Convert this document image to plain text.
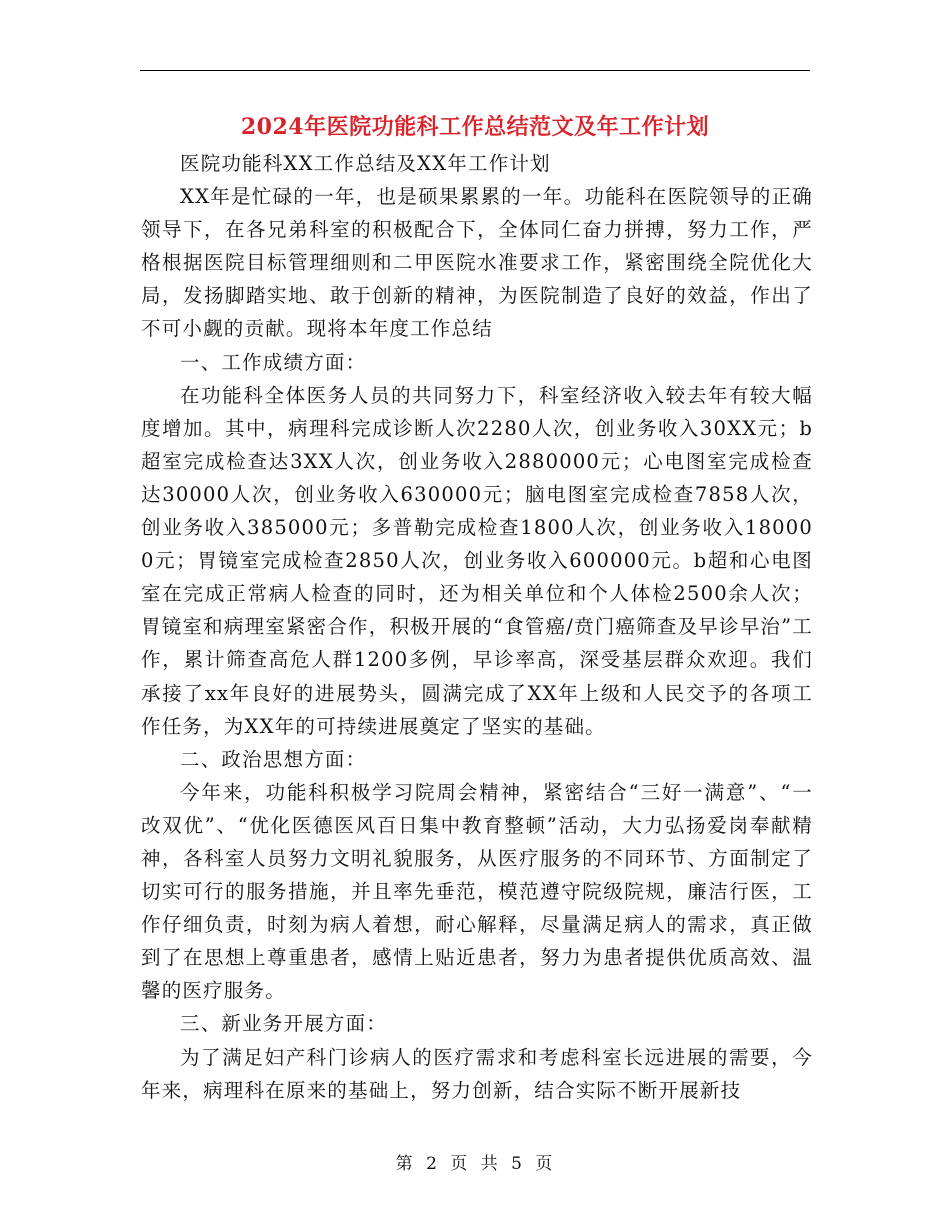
2024年医院功能科工作总结范文及年工作计划

医院功能科XX工作总结及XX年工作计划

XX年是忙碌的一年，也是硕果累累的一年。功能科在医院领导的正确领导下，在各兄弟科室的积极配合下，全体同仁奋力拼搏，努力工作，严格根据医院目标管理细则和二甲医院水准要求工作，紧密围绕全院优化大局，发扬脚踏实地、敢于创新的精神，为医院制造了良好的效益，作出了不可小觑的贡献。现将本年度工作总结

一、工作成绩方面：

在功能科全体医务人员的共同努力下，科室经济收入较去年有较大幅度增加。其中，病理科完成诊断人次2280人次，创业务收入30XX元；b超室完成检查达3XX人次，创业务收入2880000元；心电图室完成检查达30000人次，创业务收入630000元；脑电图室完成检查7858人次，创业务收入385000元；多普勒完成检查1800人次，创业务收入180000元；胃镜室完成检查2850人次，创业务收入600000元。b超和心电图室在完成正常病人检查的同时，还为相关单位和个人体检2500余人次；胃镜室和病理室紧密合作，积极开展的“食管癌/贲门癌筛查及早诊早治”工作，累计筛查高危人群1200多例，早诊率高，深受基层群众欢迎。我们承接了xx年良好的进展势头，圆满完成了XX年上级和人民交予的各项工作任务，为XX年的可持续进展奠定了坚实的基础。

二、政治思想方面：

今年来，功能科积极学习院周会精神，紧密结合“三好一满意”、“一改双优”、“优化医德医风百日集中教育整顿”活动，大力弘扬爱岗奉献精神，各科室人员努力文明礼貌服务，从医疗服务的不同环节、方面制定了切实可行的服务措施，并且率先垂范，模范遵守院级院规，廉洁行医，工作仔细负责，时刻为病人着想，耐心解释，尽量满足病人的需求，真正做到了在思想上尊重患者，感情上贴近患者，努力为患者提供优质高效、温馨的医疗服务。

三、新业务开展方面：

为了满足妇产科门诊病人的医疗需求和考虑科室长远进展的需要，今年来，病理科在原来的基础上，努力创新，结合实际不断开展新技

第 2 页 共 5 页
